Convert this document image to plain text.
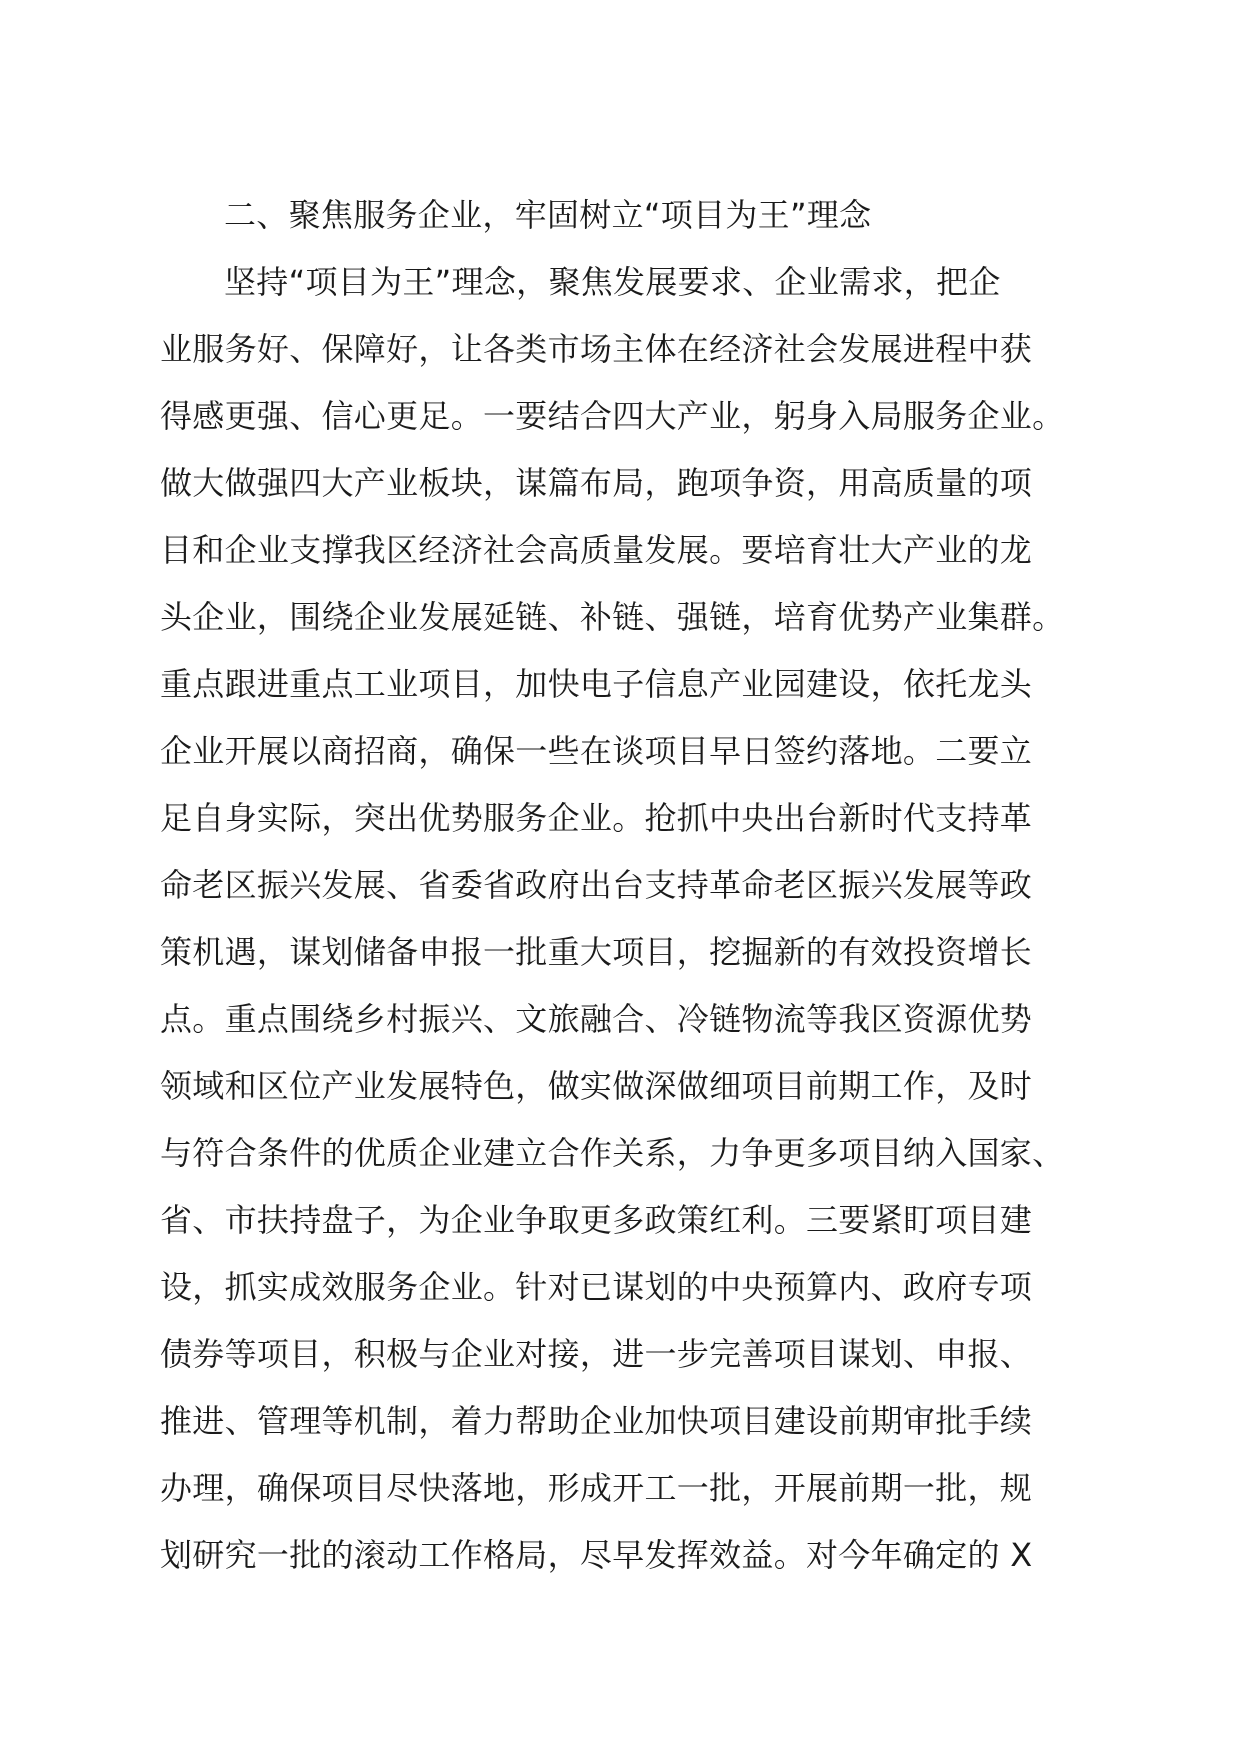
二、聚焦服务企业，牢固树立“项目为王”理念
坚持“项目为王”理念，聚焦发展要求、企业需求，把企
业服务好、保障好，让各类市场主体在经济社会发展进程中获
得感更强、信心更足。一要结合四大产业，躬身入局服务企业。
做大做强四大产业板块，谋篇布局，跑项争资，用高质量的项
目和企业支撑我区经济社会高质量发展。要培育壮大产业的龙
头企业，围绕企业发展延链、补链、强链，培育优势产业集群。
重点跟进重点工业项目，加快电子信息产业园建设，依托龙头
企业开展以商招商，确保一些在谈项目早日签约落地。二要立
足自身实际，突出优势服务企业。抢抓中央出台新时代支持革
命老区振兴发展、省委省政府出台支持革命老区振兴发展等政
策机遇，谋划储备申报一批重大项目，挖掘新的有效投资增长
点。重点围绕乡村振兴、文旅融合、冷链物流等我区资源优势
领域和区位产业发展特色，做实做深做细项目前期工作，及时
与符合条件的优质企业建立合作关系，力争更多项目纳入国家、
省、市扶持盘子，为企业争取更多政策红利。三要紧盯项目建
设，抓实成效服务企业。针对已谋划的中央预算内、政府专项
债券等项目，积极与企业对接，进一步完善项目谋划、申报、
推进、管理等机制，着力帮助企业加快项目建设前期审批手续
办理，确保项目尽快落地，形成开工一批，开展前期一批，规
划研究一批的滚动工作格局，尽早发挥效益。对今年确定的 X
